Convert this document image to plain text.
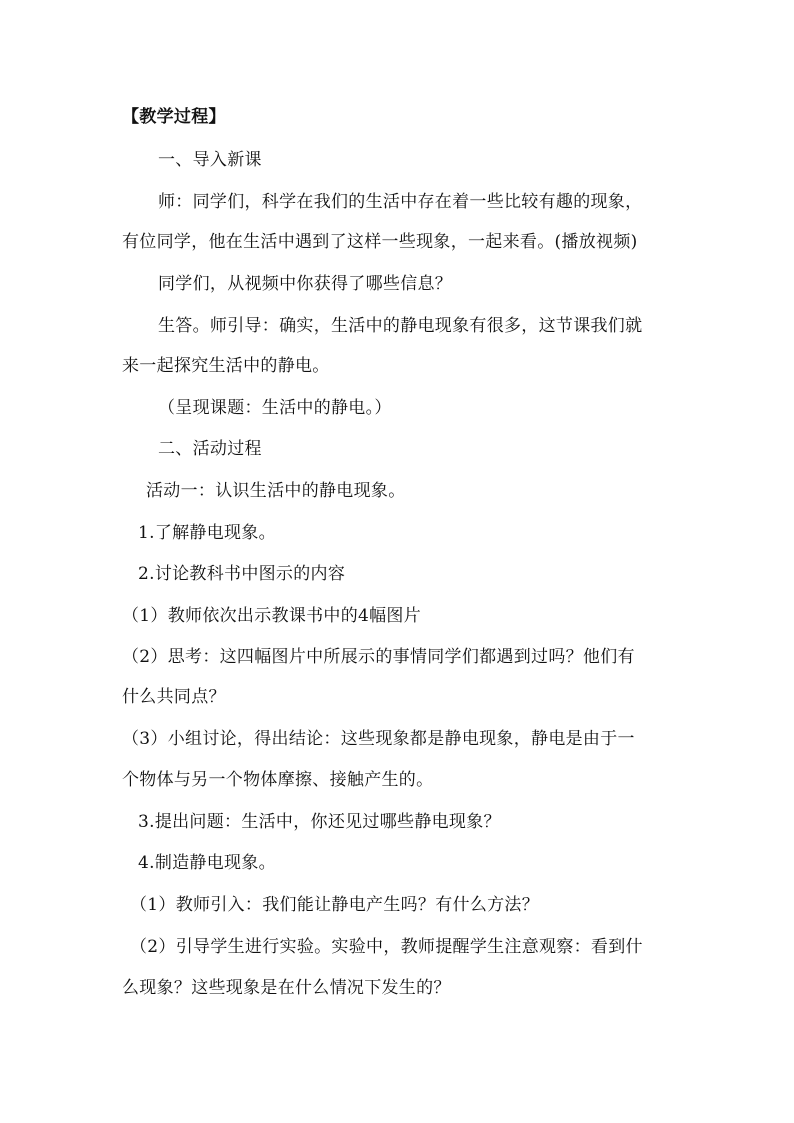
【教学过程】
一、导入新课
师：同学们，科学在我们的生活中存在着一些比较有趣的现象，
有位同学，他在生活中遇到了这样一些现象，一起来看。(播放视频)
同学们，从视频中你获得了哪些信息？
生答。师引导：确实，生活中的静电现象有很多，这节课我们就
来一起探究生活中的静电。
（呈现课题：生活中的静电。）
二、活动过程
活动一：认识生活中的静电现象。
1.了解静电现象。
2.讨论教科书中图示的内容
（1）教师依次出示教课书中的4幅图片
（2）思考：这四幅图片中所展示的事情同学们都遇到过吗？他们有
什么共同点？
（3）小组讨论，得出结论：这些现象都是静电现象，静电是由于一
个物体与另一个物体摩擦、接触产生的。
3.提出问题：生活中，你还见过哪些静电现象？
4.制造静电现象。
（1）教师引入：我们能让静电产生吗？有什么方法？
（2）引导学生进行实验。实验中，教师提醒学生注意观察：看到什
么现象？这些现象是在什么情况下发生的？
